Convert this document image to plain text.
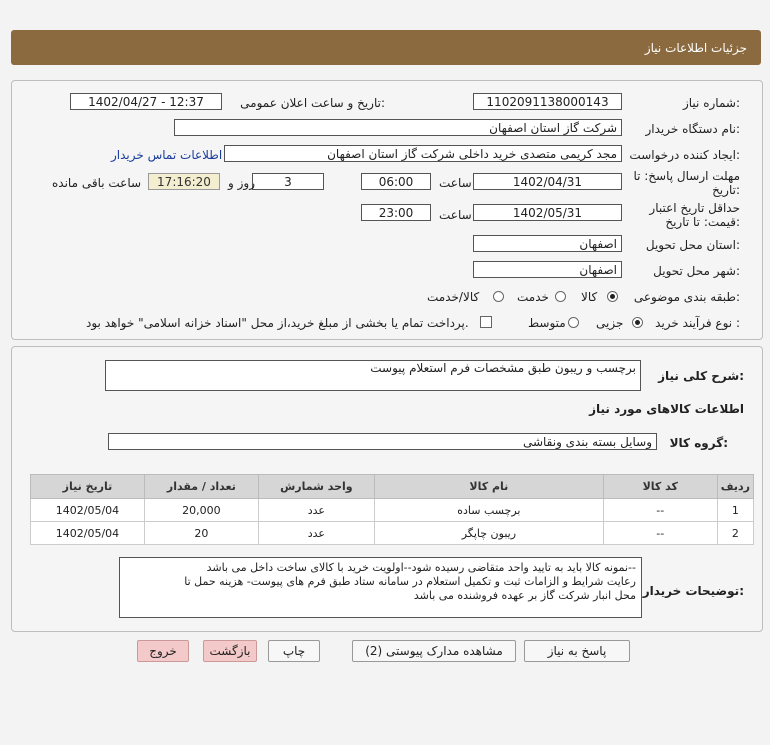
جزئیات اطلاعات نیاز
شماره نیاز:
1102091138000143
تاریخ و ساعت اعلان عمومی:
1402/04/27 - 12:37
نام دستگاه خریدار:
شرکت گاز استان اصفهان
ایجاد کننده درخواست:
مجد کریمی متصدی خرید داخلی شرکت گاز استان اصفهان
اطلاعات تماس خریدار
مهلت ارسال پاسخ: تا
تاریخ:
1402/04/31
ساعت
06:00
3
روز و
17:16:20
ساعت باقی مانده
حداقل تاریخ اعتبار
قیمت: تا تاریخ:
1402/05/31
ساعت
23:00
استان محل تحویل:
اصفهان
شهر محل تحویل:
اصفهان
طبقه بندی موضوعی:
کالا
خدمت
کالا/خدمت
نوع فرآیند خرید :
جزیی
متوسط
پرداخت تمام یا بخشی از مبلغ خرید،از محل "اسناد خزانه اسلامی" خواهد بود.
شرح کلی نیاز:
برچسب و ریبون طبق مشخصات فرم استعلام پیوست
اطلاعات کالاهای مورد نیاز
گروه کالا:
وسایل بسته بندی ونقاشی
ردیف	کد کالا	نام کالا	واحد شمارش	تعداد / مقدار	تاریخ نیاز
1	--	برچسب ساده	عدد	20,000	1402/05/04
2	--	ریبون چاپگر	عدد	20	1402/05/04
توضیحات خریدار:
--نمونه کالا باید به تایید واحد متقاضی رسیده شود--اولویت خرید با کالای ساخت داخل می باشد
رعایت شرایط و الزامات ثبت و تکمیل استعلام در سامانه ستاد طبق فرم های پیوست- هزینه حمل تا
محل انبار شرکت گاز بر عهده فروشنده می باشد
پاسخ به نیاز
مشاهده مدارک پیوستی (2)
چاپ
بازگشت
خروج
